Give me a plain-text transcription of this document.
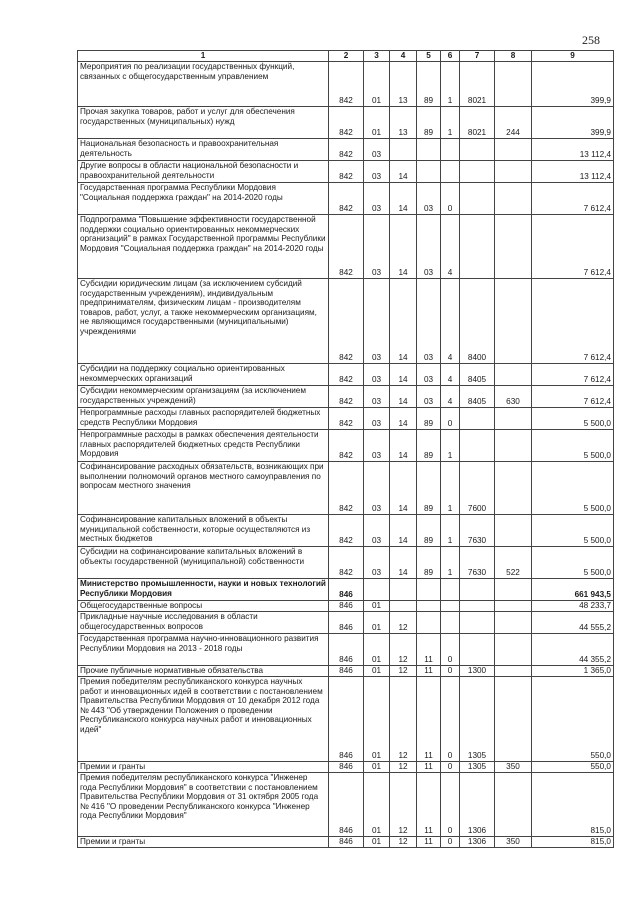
258
1	2	3	4	5	6	7	8	9
Мероприятия по реализации государственных функций, связанных с общегосударственным управлением	842	01	13	89	1	8021		399,9
Прочая закупка товаров, работ и услуг для обеспечения государственных (муниципальных) нужд	842	01	13	89	1	8021	244	399,9
Национальная безопасность и правоохранительная деятельность	842	03						13 112,4
Другие вопросы в области национальной безопасности и правоохранительной деятельности	842	03	14					13 112,4
Государственная программа Республики Мордовия "Социальная поддержка граждан" на 2014-2020 годы	842	03	14	03	0			7 612,4
Подпрограмма "Повышение эффективности государственной поддержки социально ориентированных некоммерческих организаций" в рамках Государственной программы Республики Мордовия "Социальная поддержка граждан" на 2014-2020 годы	842	03	14	03	4			7 612,4
Субсидии юридическим лицам (за исключением субсидий государственным учреждениям), индивидуальным предпринимателям, физическим лицам - производителям товаров, работ, услуг, а также некоммерческим организациям, не являющимся государственными (муниципальными) учреждениями	842	03	14	03	4	8400		7 612,4
Субсидии на поддержку социально ориентированных некоммерческих организаций	842	03	14	03	4	8405		7 612,4
Субсидии некоммерческим организациям (за исключением государственных учреждений)	842	03	14	03	4	8405	630	7 612,4
Непрограммные расходы главных распорядителей бюджетных средств Республики Мордовия	842	03	14	89	0			5 500,0
Непрограммные расходы в рамках обеспечения деятельности главных распорядителей бюджетных средств Республики Мордовия	842	03	14	89	1			5 500,0
Софинансирование расходных обязательств, возникающих при выполнении полномочий органов местного самоуправления по вопросам местного значения	842	03	14	89	1	7600		5 500,0
Софинансирование капитальных вложений в объекты муниципальной собственности, которые осуществляются из местных бюджетов	842	03	14	89	1	7630		5 500,0
Субсидии на софинансирование капитальных вложений в объекты государственной (муниципальной) собственности	842	03	14	89	1	7630	522	5 500,0
Министерство промышленности, науки и новых технологий Республики Мордовия	846							661 943,5
Общегосударственные вопросы	846	01						48 233,7
Прикладные научные исследования в области общегосударственных вопросов	846	01	12					44 555,2
Государственная программа научно-инновационного развития Республики Мордовия на 2013 - 2018 годы	846	01	12	11	0			44 355,2
Прочие публичные нормативные обязательства	846	01	12	11	0	1300		1 365,0
Премия победителям республиканского конкурса научных работ и инновационных идей в соответствии с постановлением Правительства Республики Мордовия от 10 декабря 2012 года № 443 "Об утверждении Положения о проведении Республиканского конкурса научных работ и инновационных идей"	846	01	12	11	0	1305		550,0
Премии и гранты	846	01	12	11	0	1305	350	550,0
Премия победителям республиканского конкурса "Инженер года Республики Мордовия" в соответствии с постановлением Правительства Республики Мордовия от 31 октября 2005 года № 416 "О проведении Республиканского конкурса "Инженер года Республики Мордовия"	846	01	12	11	0	1306		815,0
Премии и гранты	846	01	12	11	0	1306	350	815,0
